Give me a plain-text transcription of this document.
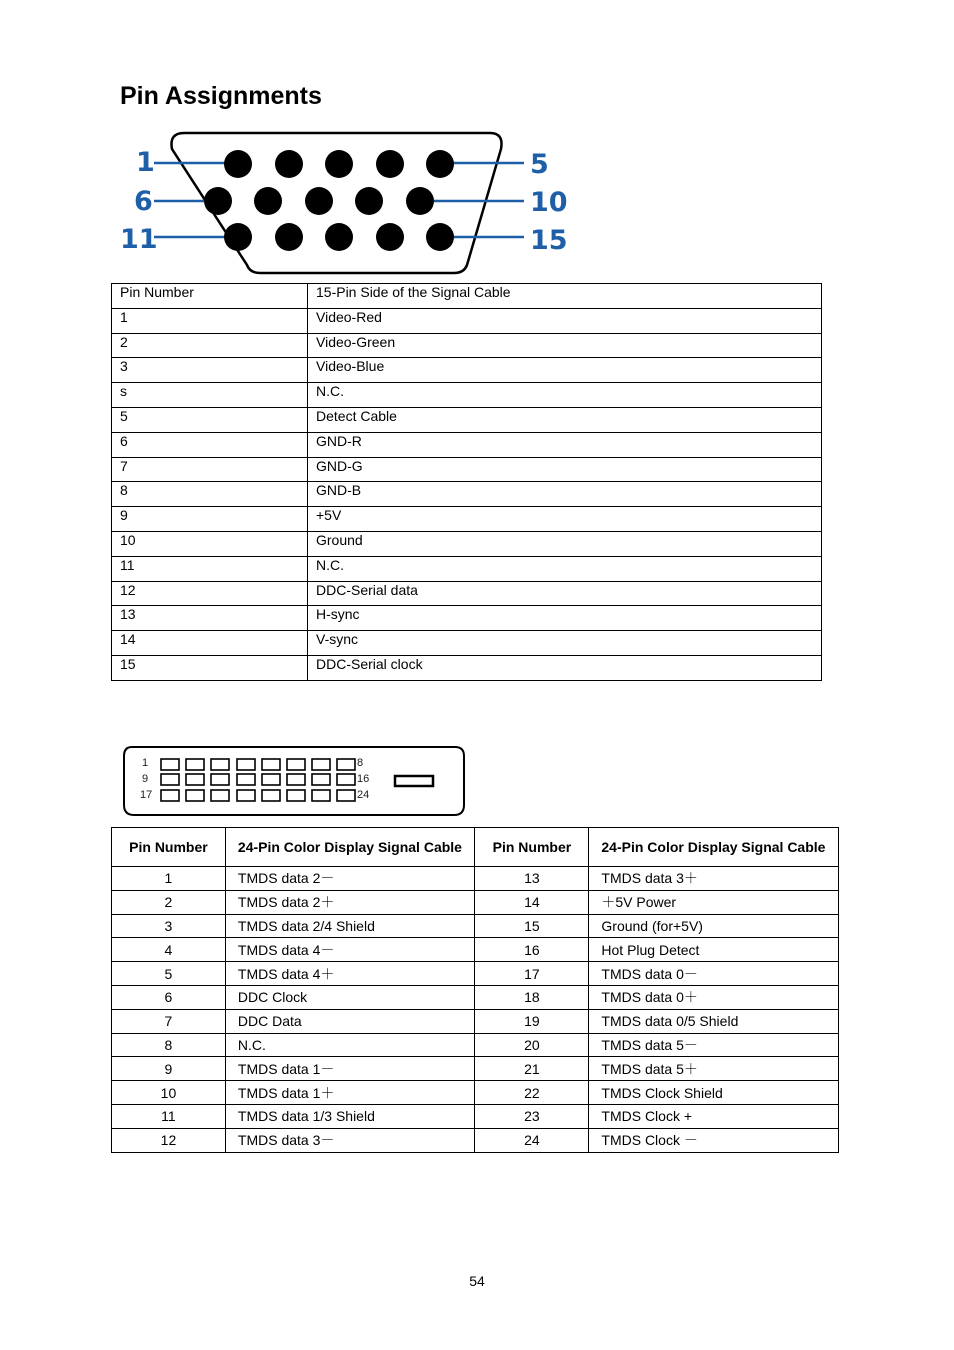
Pin Assignments
1	5
6	10
11	15
Pin Number	15-Pin Side of the Signal Cable
1	Video-Red
2	Video-Green
3	Video-Blue
s	N.C.
5	Detect Cable
6	GND-R
7	GND-G
8	GND-B
9	+5V
10	Ground
11	N.C.
12	DDC-Serial data
13	H-sync
14	V-sync
15	DDC-Serial clock
1
9
17
8
16
24
Pin Number	24-Pin Color Display Signal Cable	Pin Number	24-Pin Color Display Signal Cable
1	TMDS data 2－	13	TMDS data 3＋
2	TMDS data 2＋	14	＋5V Power
3	TMDS data 2/4 Shield	15	Ground (for+5V)
4	TMDS data 4－	16	Hot Plug Detect
5	TMDS data 4＋	17	TMDS data 0－
6	DDC Clock	18	TMDS data 0＋
7	DDC Data	19	TMDS data 0/5 Shield
8	N.C.	20	TMDS data 5－
9	TMDS data 1－	21	TMDS data 5＋
10	TMDS data 1＋	22	TMDS Clock Shield
11	TMDS data 1/3 Shield	23	TMDS Clock +
12	TMDS data 3－	24	TMDS Clock －
54
